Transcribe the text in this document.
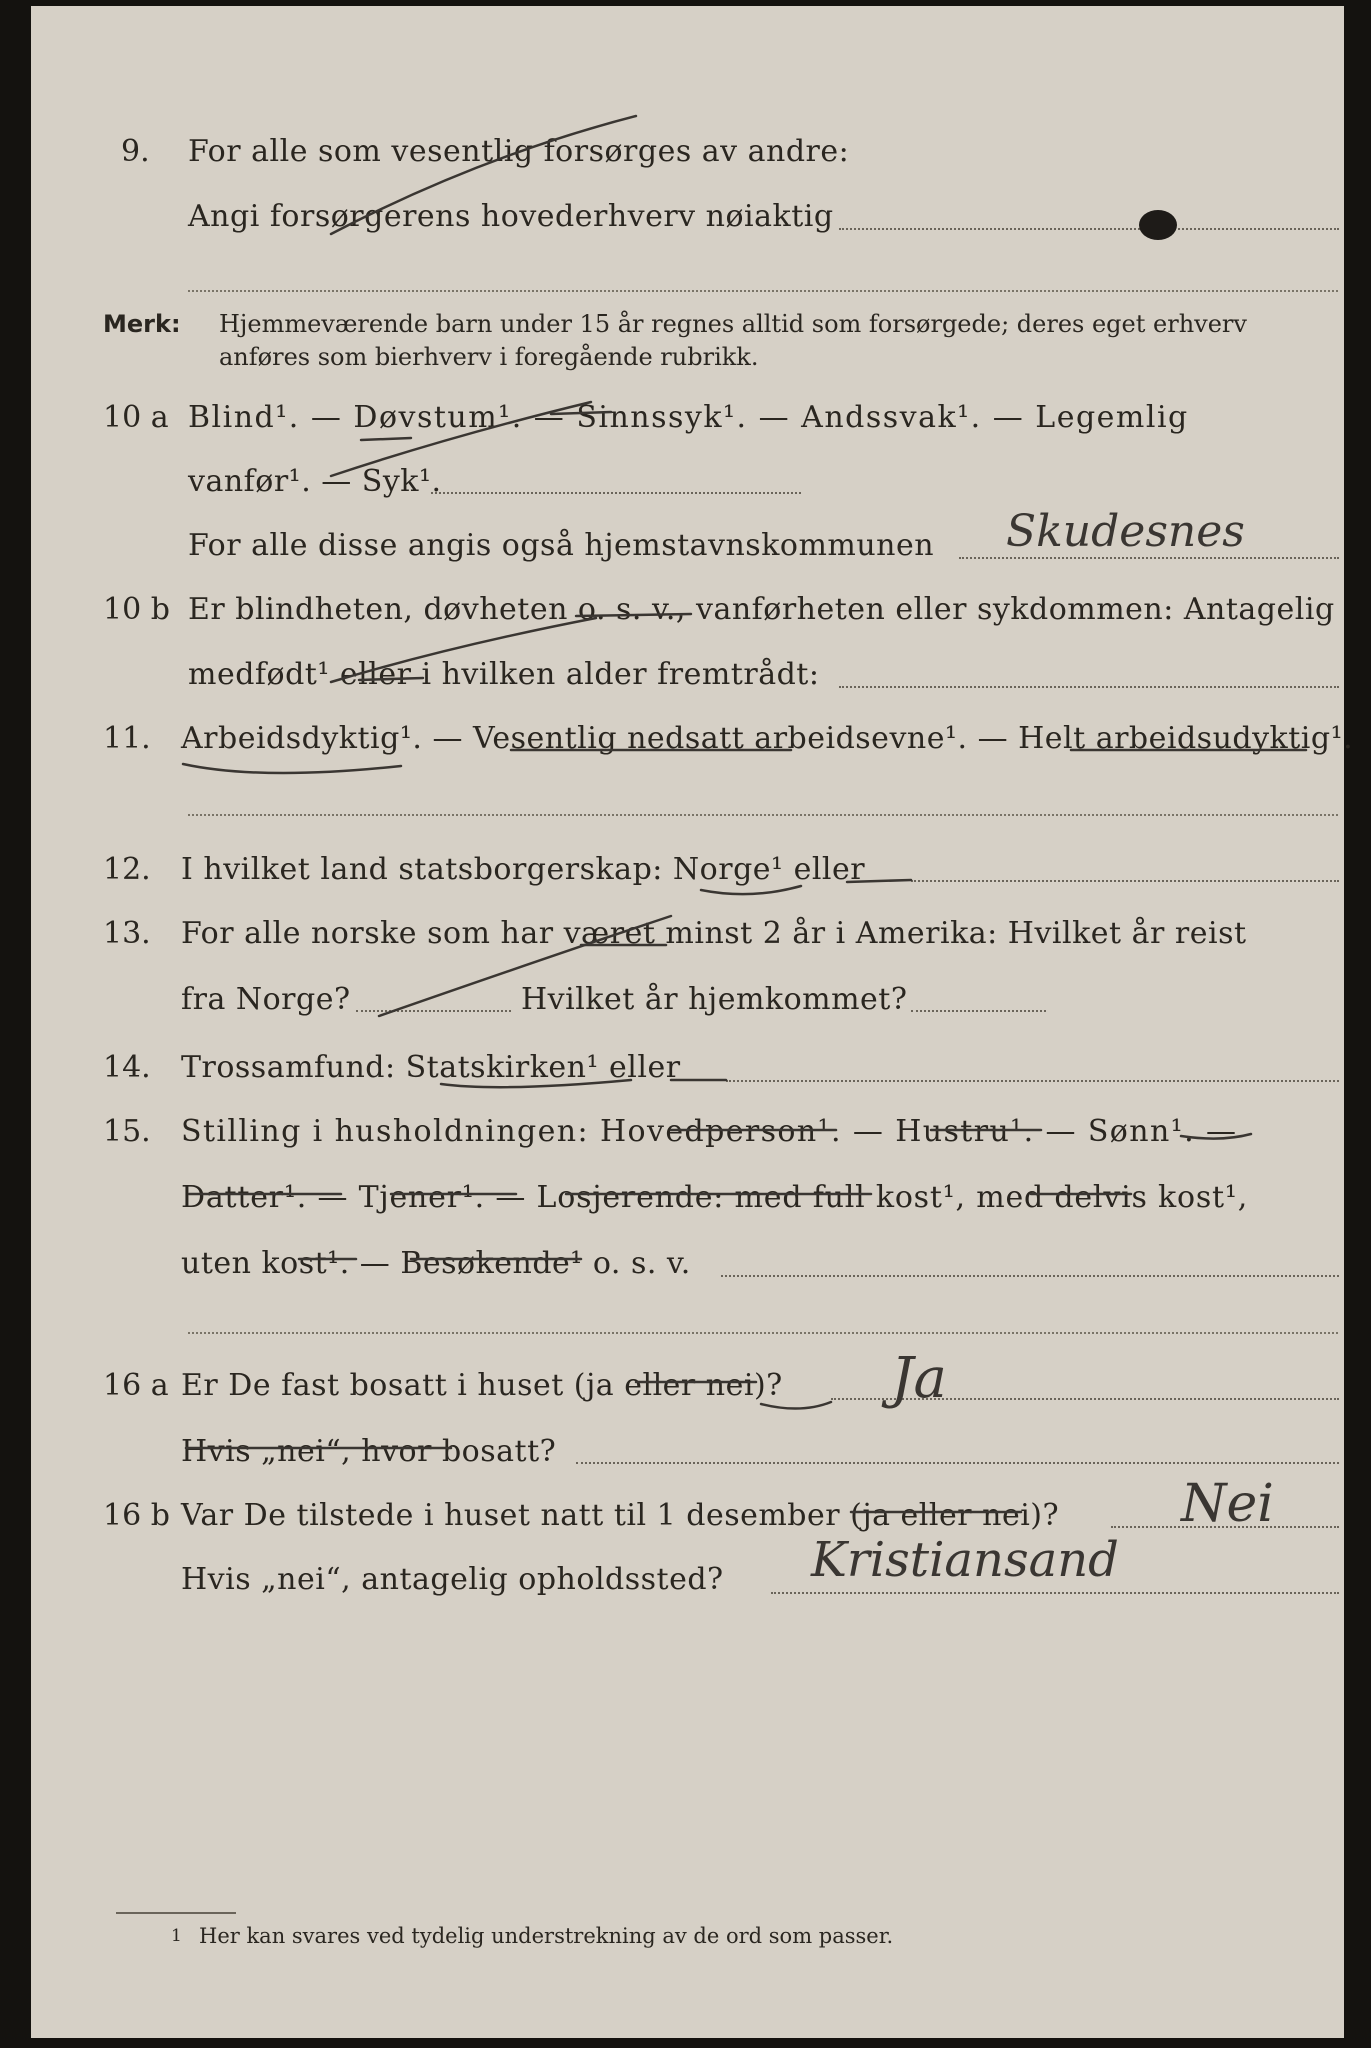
9. For alle som vesentlig forsørges av andre:
Angi forsørgerens hovederhverv nøiaktig
Merk: Hjemmeværende barn under 15 år regnes alltid som forsørgede; deres eget erhverv
anføres som bierhverv i foregående rubrikk.
10 a Blind¹. — Døvstum¹. — Sinnssyk¹. — Andssvak¹. — Legemlig
vanfør¹. — Syk¹.
For alle disse angis også hjemstavnskommunen Skudesnes
10 b Er blindheten, døvheten o. s. v., vanførheten eller sykdommen: Antagelig
medfødt¹ eller i hvilken alder fremtrådt:
11. Arbeidsdyktig¹. — Vesentlig nedsatt arbeidsevne¹. — Helt arbeidsudyktig¹.
12. I hvilket land statsborgerskap: Norge¹ eller
13. For alle norske som har været minst 2 år i Amerika: Hvilket år reist
fra Norge?	Hvilket år hjemkommet?
14. Trossamfund: Statskirken¹ eller
15. Stilling i husholdningen: Hovedperson¹. — Hustru¹. — Sønn¹. —
Datter¹. — Tjener¹. — Losjerende: med full kost¹, med delvis kost¹,
uten kost¹. — Besøkende¹ o. s. v.
16 a Er De fast bosatt i huset (ja eller nei)? Ja
Hvis „nei“, hvor bosatt?
16 b Var De tilstede i huset natt til 1 desember (ja eller nei)? Nei
Hvis „nei“, antagelig opholdssted? Kristiansand
1 Her kan svares ved tydelig understrekning av de ord som passer.
